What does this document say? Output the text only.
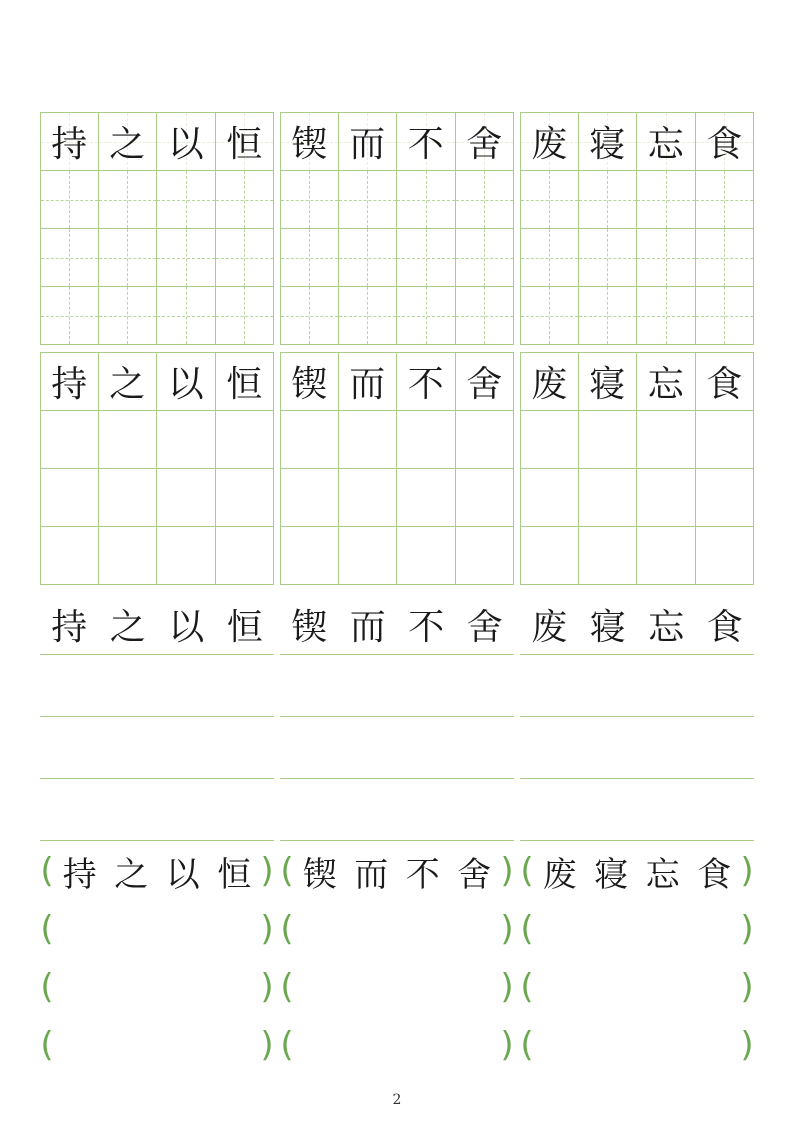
持 之 以 恒 锲 而 不 舍 废 寝 忘 食
持 之 以 恒 锲 而 不 舍 废 寝 忘 食
持 之 以 恒 锲 而 不 舍 废 寝 忘 食
( 持 之 以 恒 )
(	)
(	)
(	)
( 锲 而 不 舍 )
(	)
(	)
(	)
( 废 寝 忘 食 )
(	)
(	)
(	)
2
